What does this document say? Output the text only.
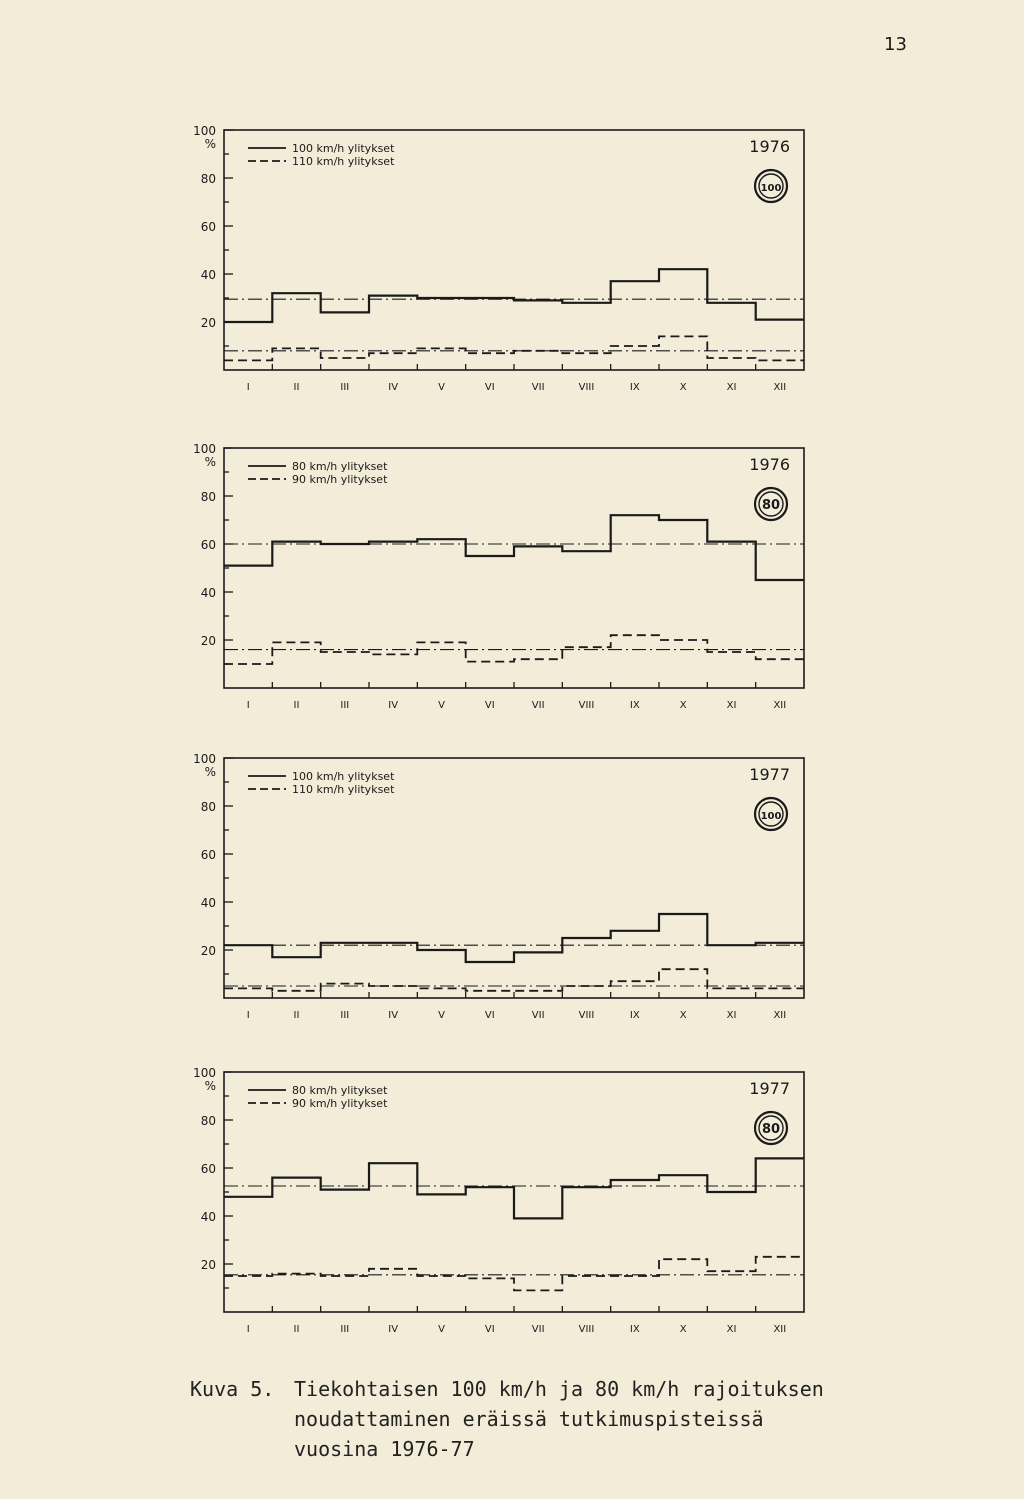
13
20
40
60
80
100
%
I	II	III	IV	V	VI	VII	VIII	IX	X	XI	XII
100 km/h ylitykset
110 km/h ylitykset
1976
100
20
40
60
80
100
%
I	II	III	IV	V	VI	VII	VIII	IX	X	XI	XII
80 km/h ylitykset
90 km/h ylitykset
1976
80
20
40
60
80
100
%
I	II	III	IV	V	VI	VII	VIII	IX	X	XI	XII
100 km/h ylitykset
110 km/h ylitykset
1977
100
20
40
60
80
100
%
I	II	III	IV	V	VI	VII	VIII	IX	X	XI	XII
80 km/h ylitykset
90 km/h ylitykset
1977
80
Kuva 5. Tiekohtaisen 100 km/h ja 80 km/h rajoituksen
noudattaminen eräissä tutkimuspisteissä
vuosina 1976-77
